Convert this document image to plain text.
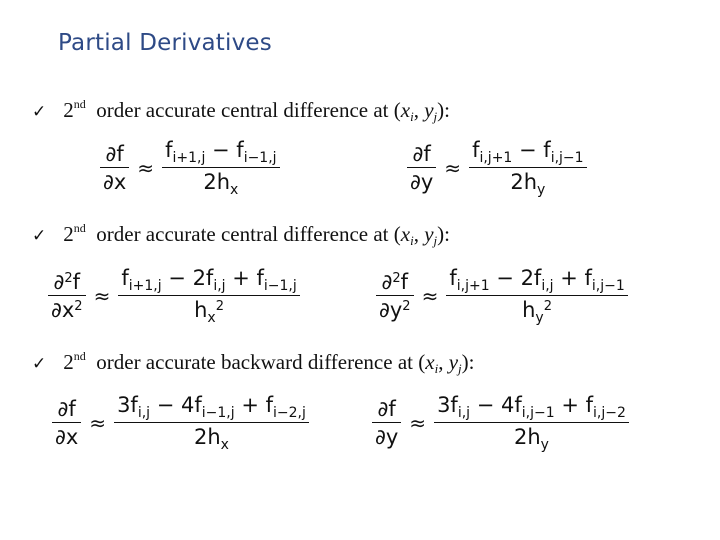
Partial Derivatives
✓ 2nd order accurate central difference at ($x_i$, $y_j$):
$\frac{\partial f}{\partial x} \approx \frac{f_{i+1,j} - f_{i-1,j}}{2h_x}$	$\frac{\partial f}{\partial y} \approx \frac{f_{i,j+1} - f_{i,j-1}}{2h_y}$
✓ 2nd order accurate central difference at ($x_i$, $y_j$):
$\frac{\partial^2f}{\partial x^2} \approx \frac{f_{i+1,j} - 2f_{i,j} + f_{i-1,j}}{h_x^2}$	$\frac{\partial^2f}{\partial y^2} \approx \frac{f_{i,j+1} - 2f_{i,j} + f_{i,j-1}}{h_y^2}$
✓ 2nd order accurate backward difference at ($x_i$, $y_j$):
$\frac{\partial f}{\partial x} \approx \frac{3f_{i,j} - 4f_{i-1,j} + f_{i-2,j}}{2h_x}$	$\frac{\partial f}{\partial y} \approx \frac{3f_{i,j} - 4f_{i,j-1} + f_{i,j-2}}{2h_y}$
